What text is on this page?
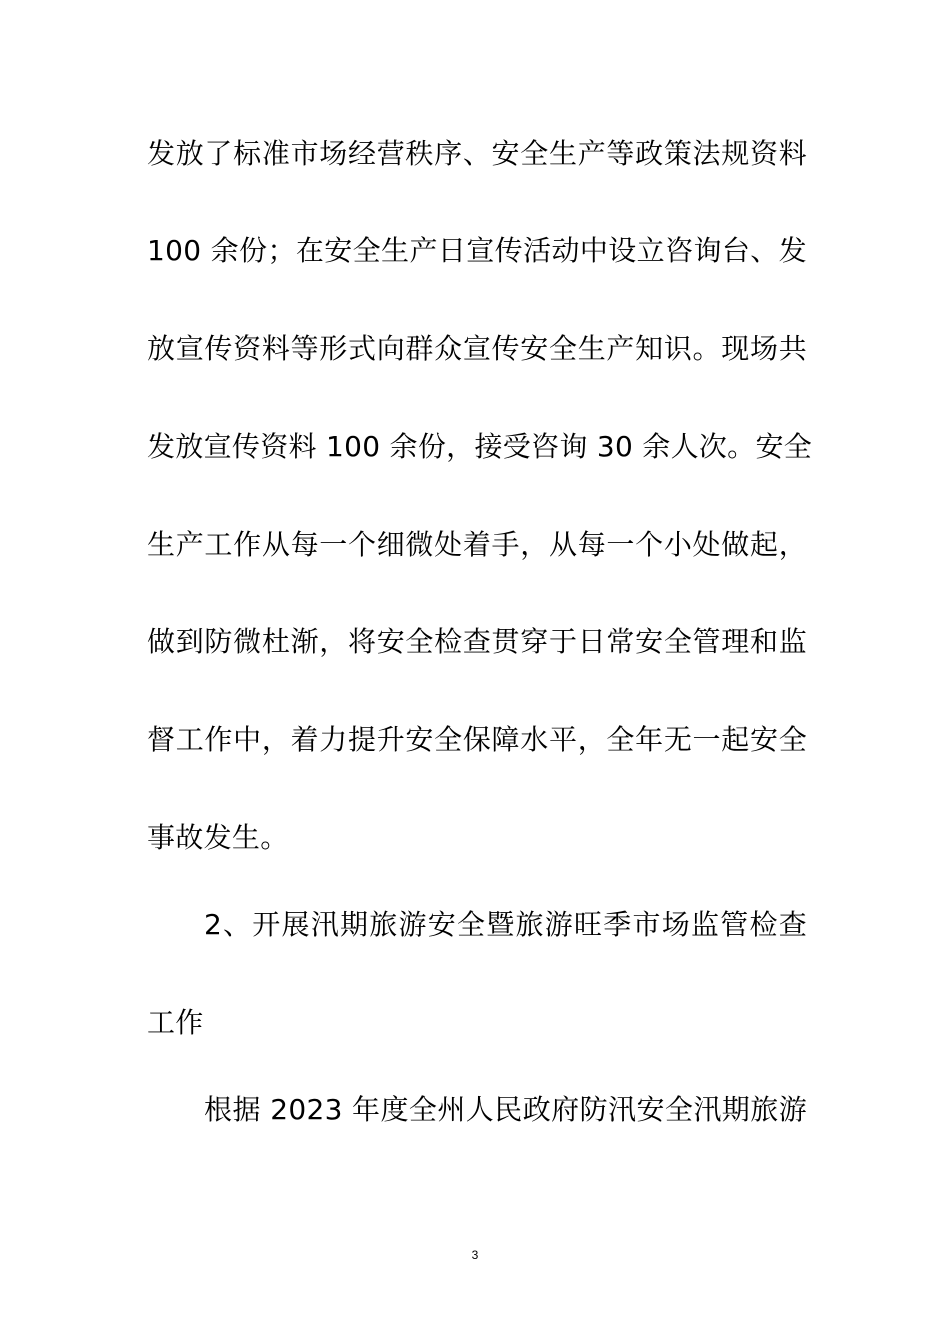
发放了标准市场经营秩序、安全生产等政策法规资料
100 余份；在安全生产日宣传活动中设立咨询台、发
放宣传资料等形式向群众宣传安全生产知识。现场共
发放宣传资料 100 余份，接受咨询 30 余人次。安全
生产工作从每一个细微处着手，从每一个小处做起，
做到防微杜渐，将安全检查贯穿于日常安全管理和监
督工作中，着力提升安全保障水平，全年无一起安全
事故发生。
2、开展汛期旅游安全暨旅游旺季市场监管检查
工作
根据 2023 年度全州人民政府防汛安全汛期旅游
3
